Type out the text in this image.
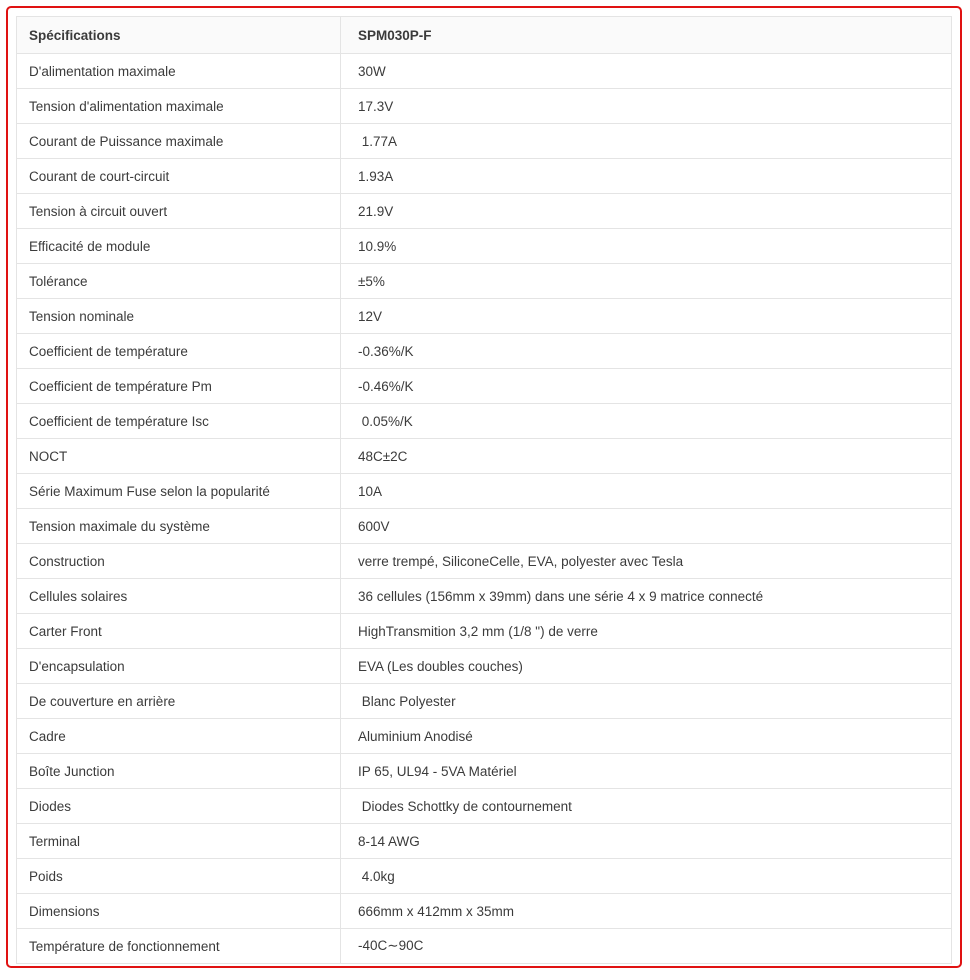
Spécifications	SPM030P-F
D'alimentation maximale	30W
Tension d'alimentation maximale	17.3V
Courant de Puissance maximale	1.77A
Courant de court-circuit	1.93A
Tension à circuit ouvert	21.9V
Efficacité de module	10.9%
Tolérance	±5%
Tension nominale	12V
Coefficient de température	-0.36%/K
Coefficient de température Pm	-0.46%/K
Coefficient de température Isc	0.05%/K
NOCT	48C±2C
Série Maximum Fuse selon la popularité	10A
Tension maximale du système	600V
Construction	verre trempé, SiliconeCelle, EVA, polyester avec Tesla
Cellules solaires	36 cellules (156mm x 39mm) dans une série 4 x 9 matrice connecté
Carter Front	HighTransmition 3,2 mm (1/8 ") de verre
D'encapsulation	EVA (Les doubles couches)
De couverture en arrière	Blanc Polyester
Cadre	Aluminium Anodisé
Boîte Junction	IP 65, UL94 - 5VA Matériel
Diodes	Diodes Schottky de contournement
Terminal	8-14 AWG
Poids	4.0kg
Dimensions	666mm x 412mm x 35mm
Température de fonctionnement	-40C∼90C
